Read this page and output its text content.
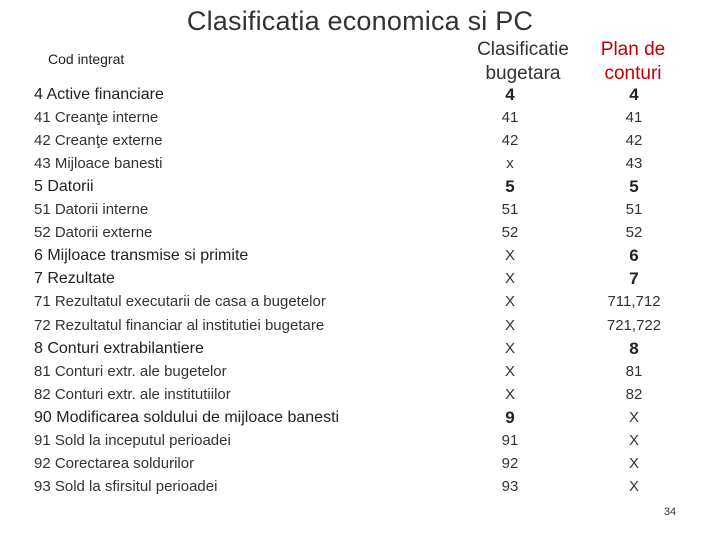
Clasificatia economica si PC
Cod integrat	Clasificatie
bugetara
Plan de
conturi
4 Active financiare	4	4
41 Creanţe interne	41	41
42 Creanţe externe	42	42
43 Mijloace banesti	x	43
5 Datorii	5	5
51 Datorii interne	51	51
52 Datorii externe	52	52
6 Mijloace transmise si primite	X	6
7 Rezultate	X	7
71 Rezultatul executarii de casa a bugetelor	X	711,712
72 Rezultatul financiar al institutiei bugetare	X	721,722
8 Conturi extrabilantiere	X	8
81 Conturi extr. ale bugetelor	X	81
82 Conturi extr. ale institutiilor	X	82
90 Modificarea soldului de mijloace banesti	9	X
91 Sold la inceputul perioadei	91	X
92 Corectarea soldurilor	92	X
93 Sold la sfirsitul perioadei	93	X
34
